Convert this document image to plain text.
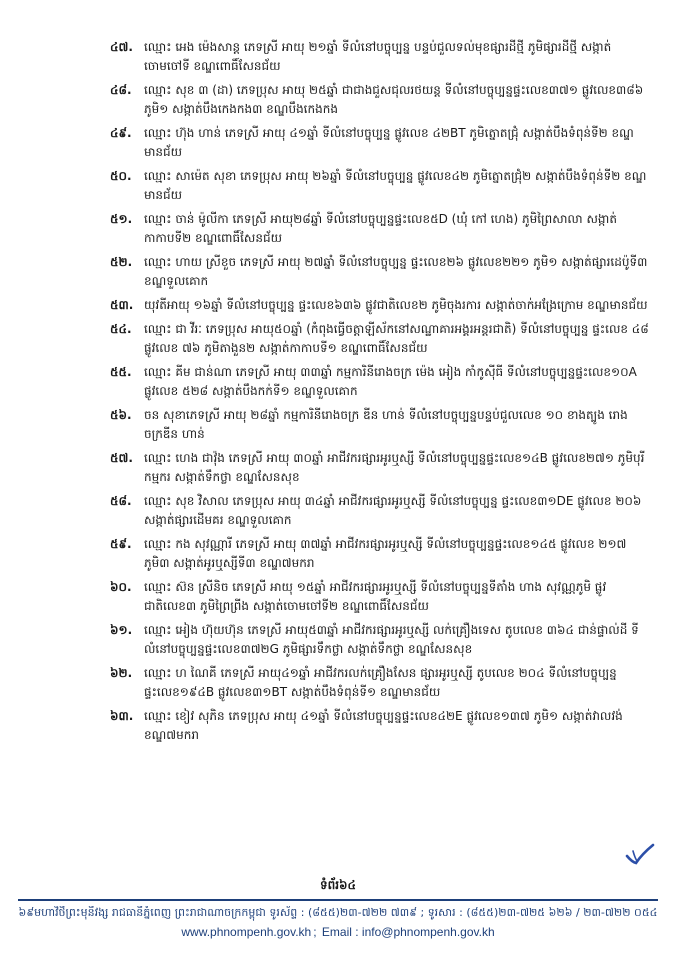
៤៧. ឈ្មោះ អេង ម៉េងសាន្ត ភេទស្រី អាយុ ២១ឆ្នាំ ទីលំនៅបច្ចុប្បន្ន បន្ទប់ជួលទល់មុខផ្សារដីថ្មី ភូមិផ្សារដីថ្មី សង្កាត់ចោមចៅទី ខណ្ឌពោធិ៍សែនជ័យ
៤៨. ឈ្មោះ សុខ ៣ (ដា) ភេទប្រុស អាយុ ២៥ឆ្នាំ ជាជាងជួសជុលរថយន្ត ទីលំនៅបច្ចុប្បន្នផ្ទះលេខ៣៧១ ផ្លូវលេខ៣៨៦ ភូមិ១ សង្កាត់បឹងកេងកង៣ ខណ្ឌបឹងកេងកង
៤៩. ឈ្មោះ ហ៊ុង ហាន់ ភេទស្រី អាយុ ៤១ឆ្នាំ ទីលំនៅបច្ចុប្បន្ន ផ្លូវលេខ ៤២BT ភូមិត្នោតជ្រុំ សង្កាត់បឹងទំពុន់ទី២ ខណ្ឌមានជ័យ
៥០. ឈ្មោះ សាម៉េត សុខា ភេទប្រុស អាយុ ២៦ឆ្នាំ ទីលំនៅបច្ចុប្បន្ន ផ្លូវលេខ៤២ ភូមិត្នោតជ្រុំ២ សង្កាត់បឹងទំពុន់ទី២ ខណ្ឌមានជ័យ
៥១. ឈ្មោះ ចាន់ ម៉ូលីកា ភេទស្រី អាយុ២៨ឆ្នាំ ទីលំនៅបច្ចុប្បន្នផ្ទះលេខ៥D (ឃុំ កៅ ហេង) ភូមិព្រៃសាលា សង្កាត់កាកាបទី២ ខណ្ឌពោធិ៍សែនជ័យ
៥២. ឈ្មោះ ហាយ ស្រីខួច ភេទស្រី អាយុ ២៧ឆ្នាំ ទីលំនៅបច្ចុប្បន្ន ផ្ទះលេខ២៦ ផ្លូវលេខ២២១ ភូមិ១ សង្កាត់ផ្សារដេប៉ូទី៣ ខណ្ឌទួលគោក
៥៣. យុវតីអាយុ ១៦ឆ្នាំ ទីលំនៅបច្ចុប្បន្ន ផ្ទះលេខ៦៣៦ ផ្លូវជាតិលេខ២ ភូមិចុងរការ សង្កាត់ចាក់អង្រែក្រោម ខណ្ឌមានជ័យ
៥៤. ឈ្មោះ ជា វីរៈ ភេទប្រុស អាយុ៥០ឆ្នាំ (កំពុងធ្វើចត្តាឡីស័កនៅសណ្ឋាគារអង្គរអន្តរជាតិ) ទីលំនៅបច្ចុប្បន្ន ផ្ទះលេខ ៤៨ ផ្លូវលេខ ៧៦ ភូមិតាងួន២ សង្កាត់កាកាបទី១ ខណ្ឌពោធិ៍សែនជ័យ
៥៥. ឈ្មោះ គីម ជាន់ណា ភេទស្រី អាយុ ៣៣ឆ្នាំ កម្មការិនីរោងចក្រ ម៉េង អៀង កាំកូស៊ីធី ទីលំនៅបច្ចុប្បន្នផ្ទះលេខ១០A ផ្លូវលេខ ៥២៨ សង្កាត់បឹងកក់ទី១ ខណ្ឌទួលគោក
៥៦. ចន សុខាភេទស្រី អាយុ ២៨ឆ្នាំ កម្មការិនីរោងចក្រ ឌីន ហាន់ ទីលំនៅបច្ចុប្បន្នបន្ទប់ជួលលេខ ១០ ខាងត្បូង រោងចក្រឌីន ហាន់
៥៧. ឈ្មោះ ហេង ជាវ៉ុង ភេទស្រី អាយុ ៣០ឆ្នាំ អាជីវករផ្សារអូរឬស្សី ទីលំនៅបច្ចុប្បន្នផ្ទះលេខ១៤B ផ្លូវលេខ២៧១ ភូមិបុរីកម្មករ សង្កាត់ទឹកថ្លា ខណ្ឌសែនសុខ
៥៨. ឈ្មោះ សុខ វិសាល ភេទប្រុស អាយុ ៣៤ឆ្នាំ អាជីវករផ្សារអូរឬស្សី ទីលំនៅបច្ចុប្បន្ន ផ្ទះលេខ៣១DE ផ្លូវលេខ ២០៦ សង្កាត់ផ្សារដើមគរ ខណ្ឌទួលគោក
៥៩. ឈ្មោះ កង សុវណ្ណារី ភេទស្រី អាយុ ៣៧ឆ្នាំ អាជីវករផ្សារអូរឬស្សី ទីលំនៅបច្ចុប្បន្នផ្ទះលេខ១៤៥ ផ្លូវលេខ ២១៧ ភូមិ៣ សង្កាត់អូរឬស្សីទី៣ ខណ្ឌ៧មករា
៦០. ឈ្មោះ ស៊ន ស្រីនិច ភេទស្រី អាយុ ១៥ឆ្នាំ អាជីវករផ្សារអូរឬស្សី ទីលំនៅបច្ចុប្បន្នទីតាំង ហាង សុវណ្ណភូមិ ផ្លូវជាតិលេខ៣ ភូមិព្រៃព្រីង សង្កាត់ចោមចៅទី២ ខណ្ឌពោធិ៍សែនជ័យ
៦១. ឈ្មោះ អៀង ហ៊ុយហ៊ុន ភេទស្រី អាយុ៥៣ឆ្នាំ អាជីវករផ្សារអូរឬស្សី លក់គ្រឿងទេស តូបលេខ ៣៦៤ ជាន់ផ្ទាល់ដី ទីលំនៅបច្ចុប្បន្នផ្ទះលេខ៣៧២G ភូមិផ្សារទឹកថ្លា សង្កាត់ទឹកថ្លា ខណ្ឌសែនសុខ
៦២. ឈ្មោះ ហ ណៃគី ភេទស្រី អាយុ៤១ឆ្នាំ អាជីវករលក់គ្រឿងសែន ផ្សារអូរឬស្សី តូបលេខ ២០៤ ទីលំនៅបច្ចុប្បន្នផ្ទះលេខ១៩៤B ផ្លូវលេខ៣១BT សង្កាត់បឹងទំពុន់ទី១ ខណ្ឌមានជ័យ
៦៣. ឈ្មោះ ខៀវ សុភិន ភេទប្រុស អាយុ ៤១ឆ្នាំ ទីលំនៅបច្ចុប្បន្នផ្ទះលេខ៤២E ផ្លូវលេខ១៣៧ ភូមិ១ សង្កាត់វាលវង់ ខណ្ឌ៧មករា
ទំព័រ៦៤
៦៩មហាវិថីព្រះមុនីវង្ស រាជធានីភ្នំពេញ ព្រះរាជាណាចក្រកម្ពុជា ទូរស័ព្ទ : (៨៥៥)២៣-៧២២ ៧៣៩ ; ទូរសារ : (៨៥៥)២៣-៧២៥ ៦២៦ / ២៣-៧២២ ០៥៤
www.phnompenh.gov.kh ; Email : info@phnompenh.gov.kh
